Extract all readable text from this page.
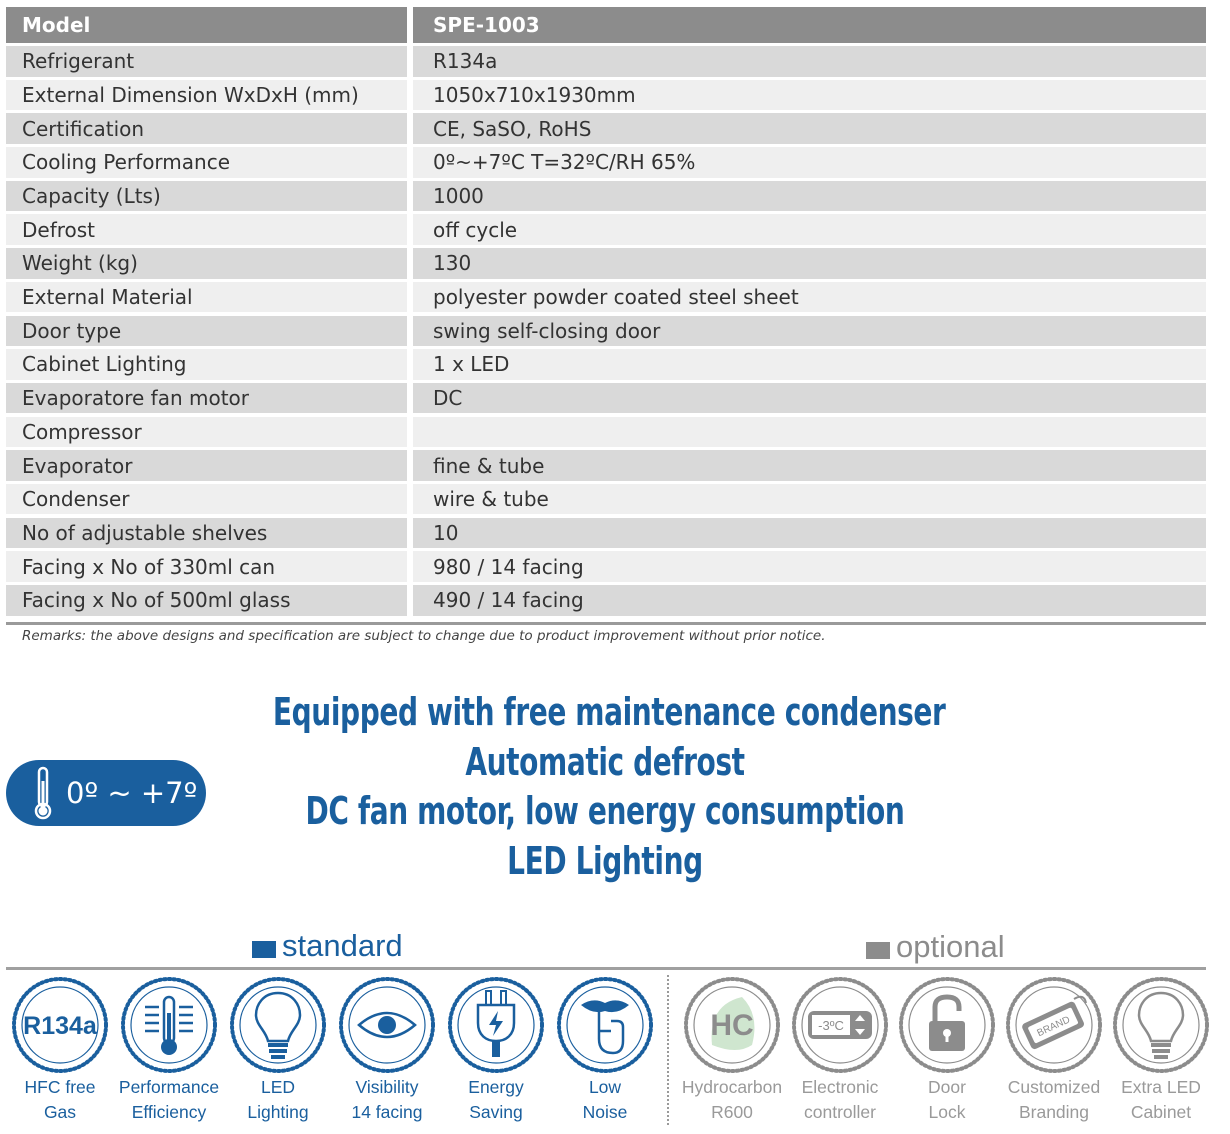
Model	SPE-1003
Refrigerant	R134a
External Dimension WxDxH (mm)	1050x710x1930mm
Certification	CE, SaSO, RoHS
Cooling Performance	0º~+7ºC T=32ºC/RH 65%
Capacity (Lts)	1000
Defrost	off cycle
Weight (kg)	130
External Material	polyester powder coated steel sheet
Door type	swing self-closing door
Cabinet Lighting	1 x LED
Evaporatore fan motor	DC
Compressor
Evaporator	fine & tube
Condenser	wire & tube
No of adjustable shelves	10
Facing x No of 330ml can	980 / 14 facing
Facing x No of 500ml glass	490 / 14 facing
Remarks: the above designs and specification are subject to change due to product improvement without prior notice.
0º ~ +7º
Equipped with free maintenance condenser
Automatic defrost
DC fan motor, low energy consumption
LED Lighting
standard	optional
R134a
HFC free
Gas
Performance
Efficiency
LED
Lighting
Visibility
14 facing
Energy
Saving
Low
Noise
HC
Hydrocarbon
R600
-3ºC
Electronic
controller
Door
Lock
BRAND
Customized
Branding
Extra LED
Cabinet
